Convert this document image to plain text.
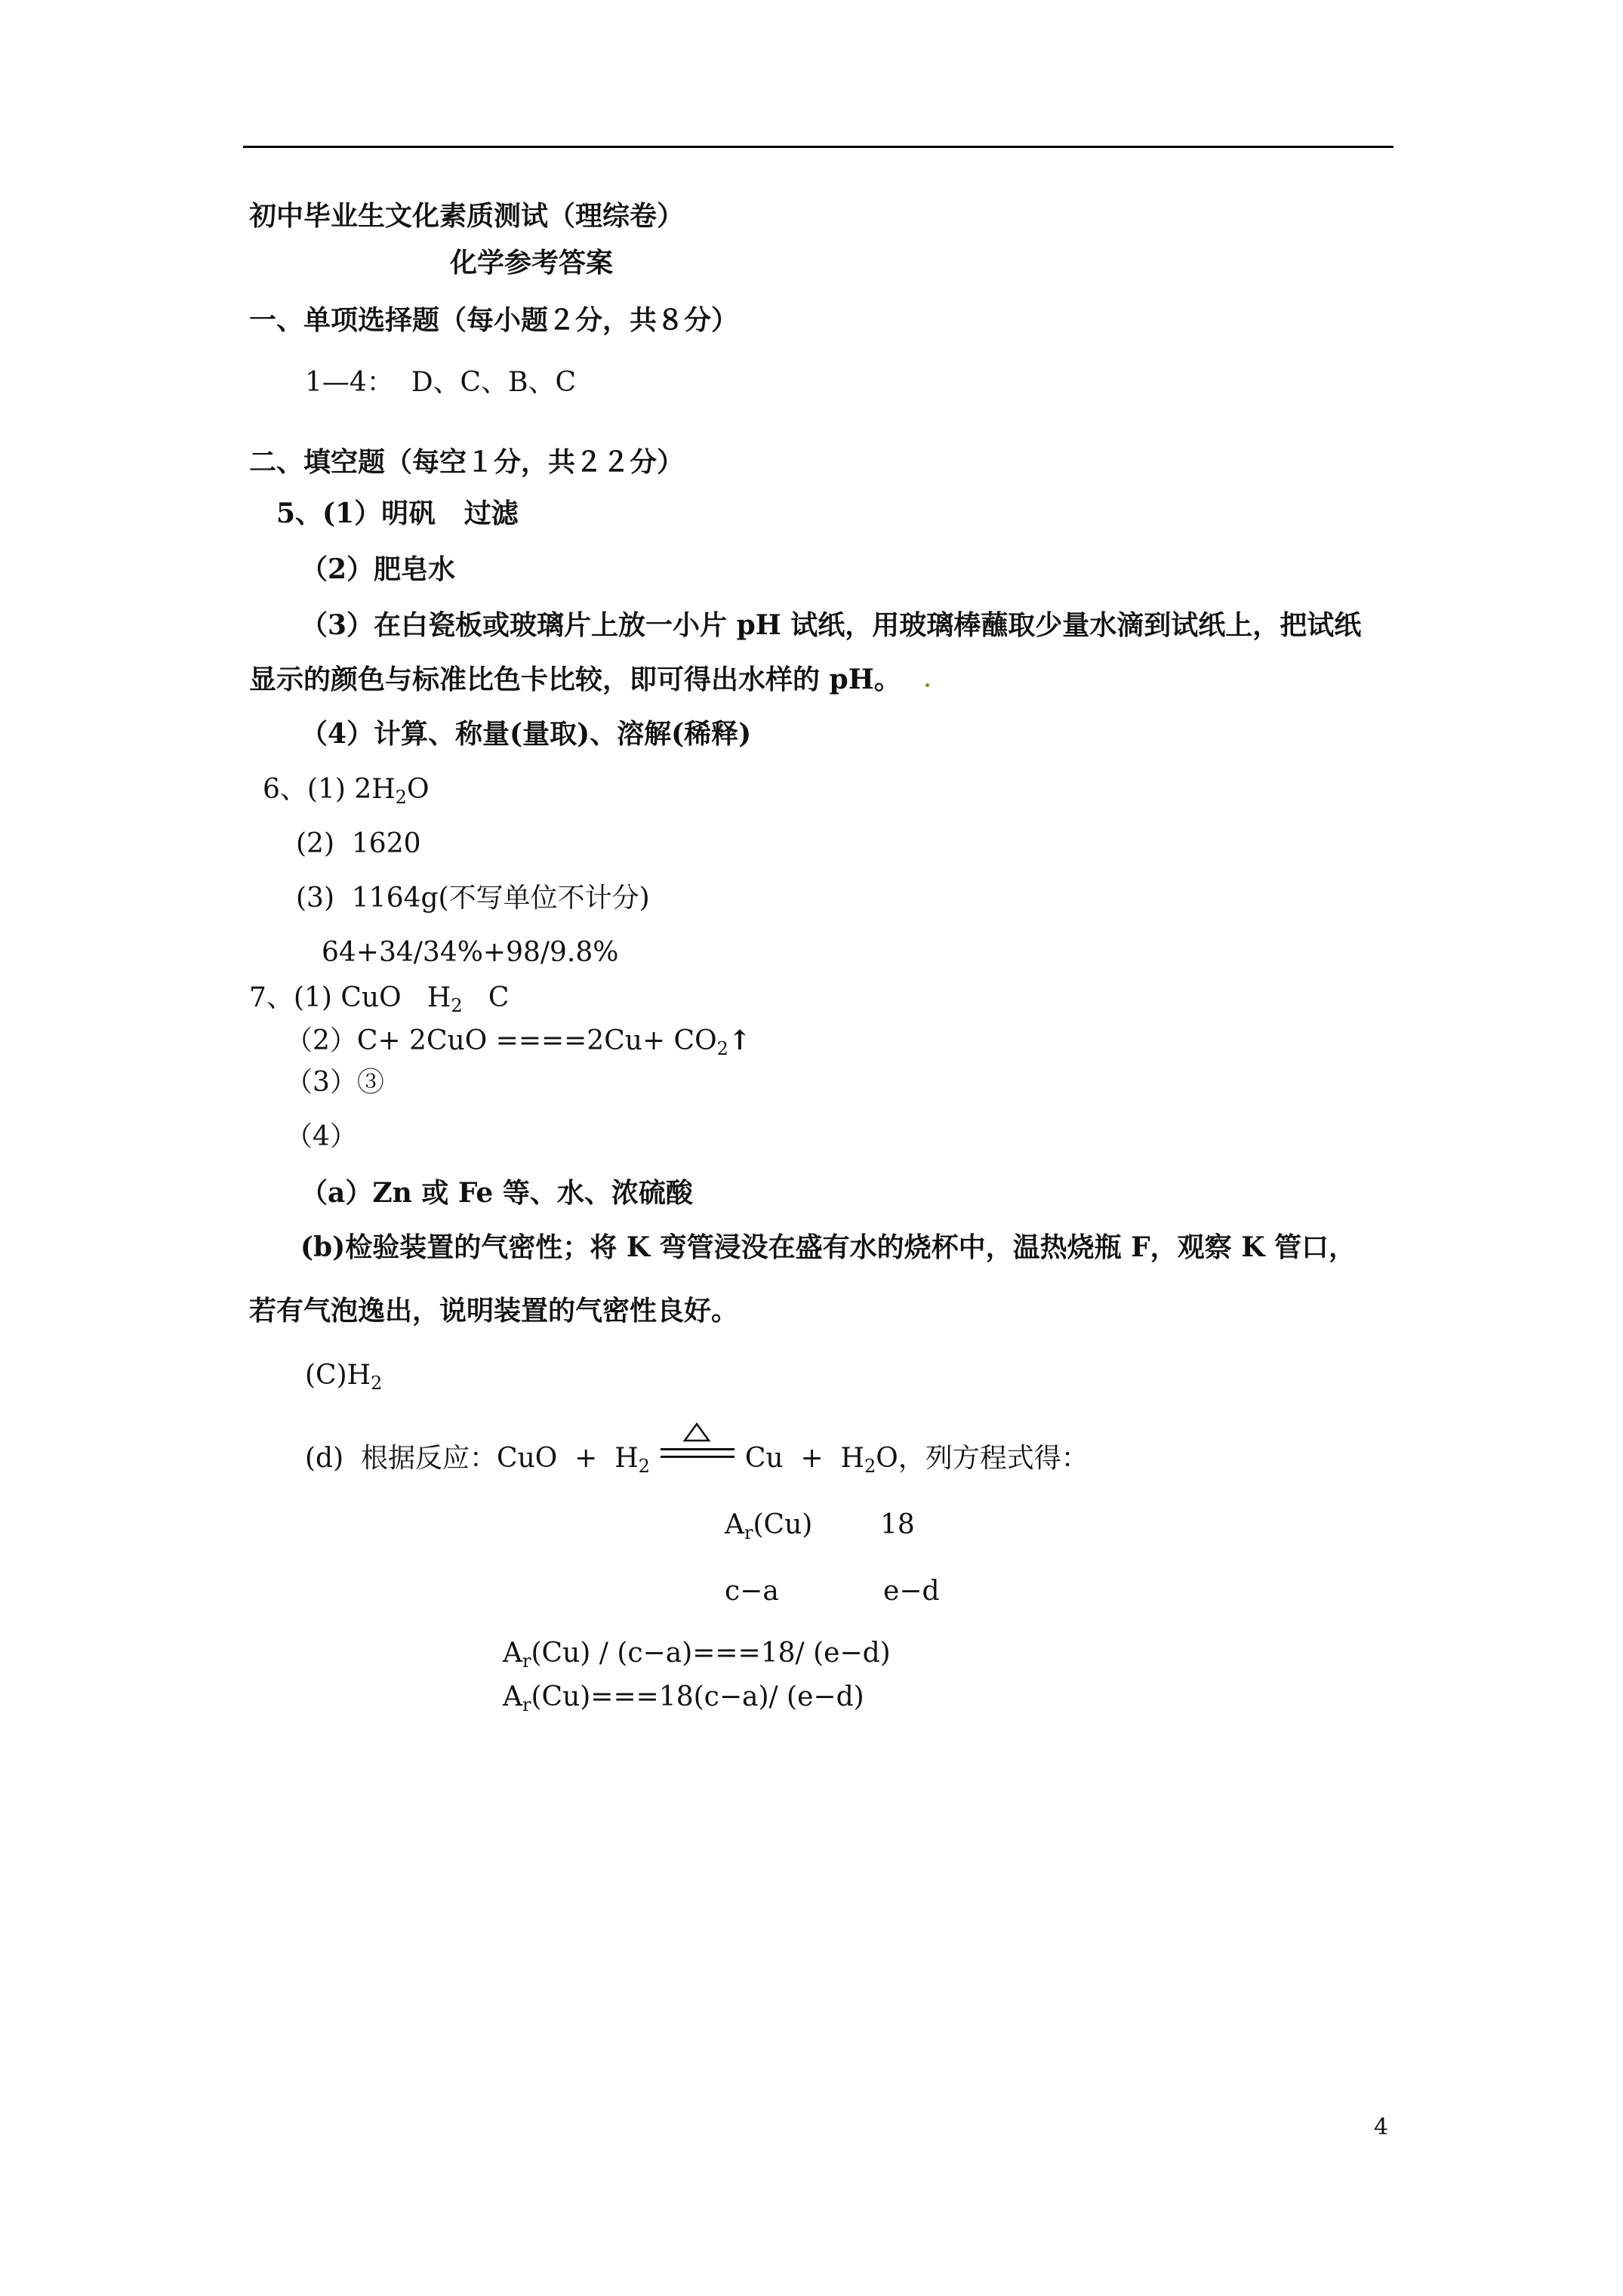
初中毕业生文化素质测试（理综卷）
化学参考答案
一、单项选择题（每小题２分，共８分）
1—4：  D、C、B、C
二、填空题（每空１分，共２２分）
5、(1）明矾   过滤
（2）肥皂水
（3）在白瓷板或玻璃片上放一小片 pH 试纸，用玻璃棒蘸取少量水滴到试纸上，把试纸
显示的颜色与标准比色卡比较，即可得出水样的 pH。
（4）计算、称量(量取)、溶解(稀释)
6、(1) $2H_2O$
(2)  1620
(3)  1164g(不写单位不计分)
64+34/34%+98/9.8%
7、(1) CuO   $H_2$   C
$(2)C+ 2CuO ====2Cu+ CO_2↑$
（3）③
（4）
（a）Zn 或 Fe 等、水、浓硫酸
(b)检验装置的气密性；将 K 弯管浸没在盛有水的烧杯中，温热烧瓶 F，观察 K 管口，
若有气泡逸出，说明装置的气密性良好。
$(C)H_2$
(d)  根据反应：CuO  +  $H_2$	$Cu + H_2O$，列方程式得：
$A_r(Cu)$ 18
c−a	e−d
$A_r(Cu) / (c-a)===18/$ (e−d)
$A_r(Cu)===18(c-a)/$ (e−d)
4
